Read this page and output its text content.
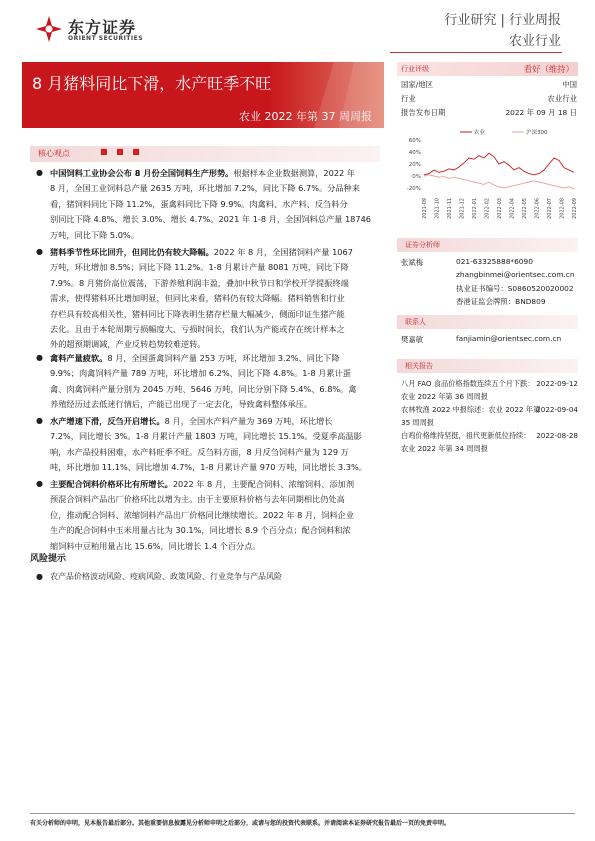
东方证券
ORIENT SECURITIES
行业研究 | 行业周报
农业行业
8 月猪料同比下滑，水产旺季不旺
农业 2022 年第 37 周周报
核心观点	■ ■ ■
● 中国饲料工业协会公布 8 月份全国饲料生产形势。根据样本企业数据测算，2022 年
8 月，全国工业饲料总产量 2635 万吨，环比增加 7.2%，同比下降 6.7%。分品种来
看，猪饲料同比下降 11.2%，蛋禽料同比下降 9.9%。肉禽料、水产料、反刍料分
别同比下降 4.8%、增长 3.0%、增长 4.7%。2021 年 1-8 月，全国饲料总产量 18746
万吨，同比下降 5.0%。
● 猪料季节性环比回升，但同比仍有较大降幅。2022 年 8 月，全国猪饲料产量 1067
万吨，环比增加 8.5%；同比下降 11.2%。1-8 月累计产量 8081 万吨，同比下降
7.9%。8 月猪价高位震荡，下游养殖利润丰盈，叠加中秋节日和学校开学提振终端
需求，使得猪料环比增加明显，但同比来看，猪料仍有较大降幅。猪料销售和行业
存栏具有较高相关性，猪料同比下降表明生猪存栏量大幅减少，侧面印证生猪产能
去化。且由于本轮周期亏损幅度大、亏损时间长，我们认为产能或存在统计样本之
外的超预期调减，产业反转趋势较难逆转。
● 禽料产量疲软。8 月，全国蛋禽饲料产量 253 万吨，环比增加 3.2%、同比下降
9.9%；肉禽饲料产量 789 万吨，环比增加 6.2%、同比下降 4.8%。1-8 月累计蛋
禽、肉禽饲料产量分别为 2045 万吨、5646 万吨，同比分别下降 5.4%、6.8%。禽
养殖经历过去低迷行情后，产能已出现了一定去化，导致禽料整体承压。
● 水产增速下滑，反刍开启增长。8 月，全国水产料产量为 369 万吨，环比增长
7.2%，同比增长 3%。1-8 月累计产量 1803 万吨，同比增长 15.1%。受夏季高温影
响，水产品投料困难，水产料旺季不旺。反刍料方面，8 月反刍饲料产量为 129 万
吨，环比增加 11.1%、同比增加 4.7%，1-8 月累计产量 970 万吨，同比增长 3.3%。
● 主要配合饲料价格环比有所增长。2022 年 8 月，主要配合饲料、浓缩饲料、添加剂
预混合饲料产品出厂价格环比以增为主。由于主要原料价格与去年同期相比仍处高
位，推动配合饲料、浓缩饲料产品出厂价格同比继续增长。2022 年 8 月，饲料企业
生产的配合饲料中玉米用量占比为 30.1%，同比增长 8.9 个百分点；配合饲料和浓
缩饲料中豆粕用量占比 15.6%，同比增长 1.4 个百分点。
风险提示
● 农产品价格波动风险、疫病风险、政策风险、行业竞争与产品风险
行业评级	看好（维持）
国家/地区	中国
行业	农业行业
报告发布日期	2022 年 09 月 18 日
60%
40%
20%
0%
-20%
农业	沪深300
2021-09 2021-10 2021-11 2021-12 2022-01 2022-02 2022-03 2022-04 2022-05 2022-06 2022-07 2022-08 2022-09
证券分析师
张斌梅	021-63325888*6090
zhangbinmei@orientsec.com.cn
执业证书编号：S0860520020002
香港证监会牌照：BND809
联系人
樊嘉敏	fanjiamin@orientsec.com.cn
相关报告
八月 FAO 食品价格指数连续五个月下跌： 2022-09-12
农业 2022 年第 36 周周报
农林牧渔 2022 中报综述：农业 2022 年第
2022-09-04
35 周周报
白鸡价格维持坚挺，祖代更新低位持续： 2022-08-28
农业 2022 年第 34 周周报
有关分析师的申明，见本报告最后部分。其他重要信息披露见分析师申明之后部分，或请与您的投资代表联系。并请阅读本证券研究报告最后一页的免责申明。
